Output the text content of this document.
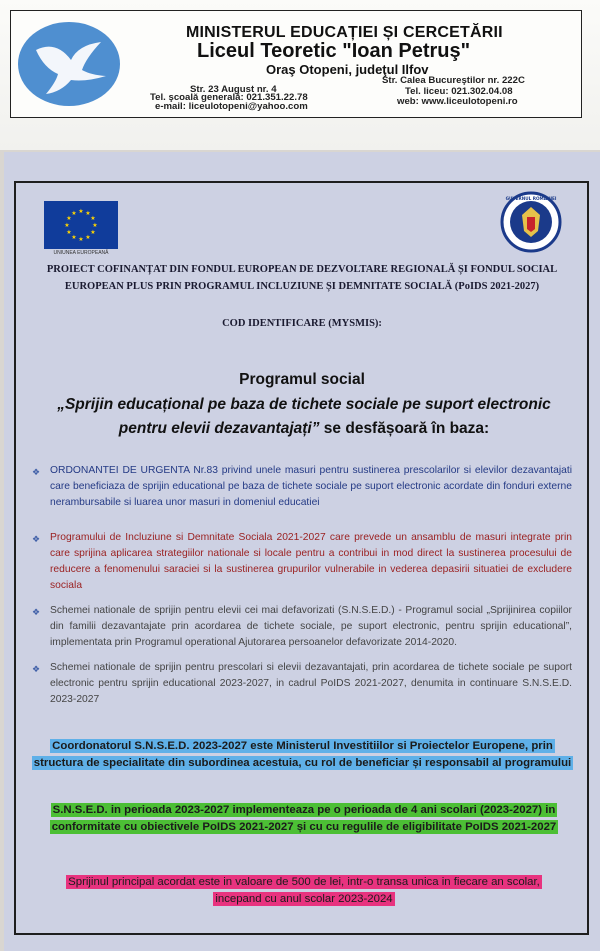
MINISTERUL EDUCAȚIEI ȘI CERCETĂRII
Liceul Teoretic "Ioan Petruş"
Oraş Otopeni, judeţul Ilfov
Str. 23 August nr. 4
Tel. şcoală generală: 021.351.22.78
e-mail: liceulotopeni@yahoo.com
Str. Calea Bucureştilor nr. 222C
Tel. liceu: 021.302.04.08
web: www.liceulotopeni.ro
★ ★
★
★
★
★
★
★
★
★
★
★
UNIUNEA EUROPEANĂ
GUVERNUL ROMÂNIEI
PROIECT COFINANȚAT DIN FONDUL EUROPEAN DE DEZVOLTARE REGIONALĂ ȘI FONDUL SOCIAL EUROPEAN PLUS PRIN PROGRAMUL INCLUZIUNE ȘI DEMNITATE SOCIALĂ (PoIDS 2021-2027)
COD IDENTIFICARE (MYSMIS):
Programul social
„Sprijin educațional pe baza de tichete sociale pe suport electronic pentru elevii dezavantajați” se desfășoară în baza:
❖ ORDONANTEI DE URGENTA Nr.83 privind unele masuri pentru sustinerea prescolarilor si elevilor dezavantajati care beneficiaza de sprijin educational pe baza de tichete sociale pe suport electronic acordate din fonduri externe nerambursabile si luarea unor masuri in domeniul educatiei
❖ Programului de Incluziune si Demnitate Sociala 2021-2027 care prevede un ansamblu de masuri integrate prin care sprijina aplicarea strategiilor nationale si locale pentru a contribui in mod direct la sustinerea procesului de reducere a fenomenului saraciei si la sustinerea grupurilor vulnerabile in vederea depasirii situatiei de excludere sociala
❖ Schemei nationale de sprijin pentru elevii cei mai defavorizati (S.N.S.E.D.) - Programul social „Sprijinirea copiilor din familii dezavantajate prin acordarea de tichete sociale, pe suport electronic, pentru sprijin educational”, implementata prin Programul operational Ajutorarea persoanelor defavorizate 2014-2020.
❖ Schemei nationale de sprijin pentru prescolari si elevii dezavantajati, prin acordarea de tichete sociale pe suport electronic pentru sprijin educational 2023-2027, in cadrul PoIDS 2021-2027, denumita in continuare S.N.S.E.D. 2023-2027
Coordonatorul S.N.S.E.D. 2023-2027 este Ministerul Investitiilor si Proiectelor Europene, prin structura de specialitate din subordinea acestuia, cu rol de beneficiar și responsabil al programului
S.N.S.E.D. in perioada 2023-2027 implementeaza pe o perioada de 4 ani scolari (2023-2027) in conformitate cu obiectivele PoIDS 2021-2027 și cu cu regulile de eligibilitate PoIDS 2021-2027
Sprijinul principal acordat este in valoare de 500 de lei, intr-o transa unica in fiecare an scolar, incepand cu anul scolar 2023-2024
